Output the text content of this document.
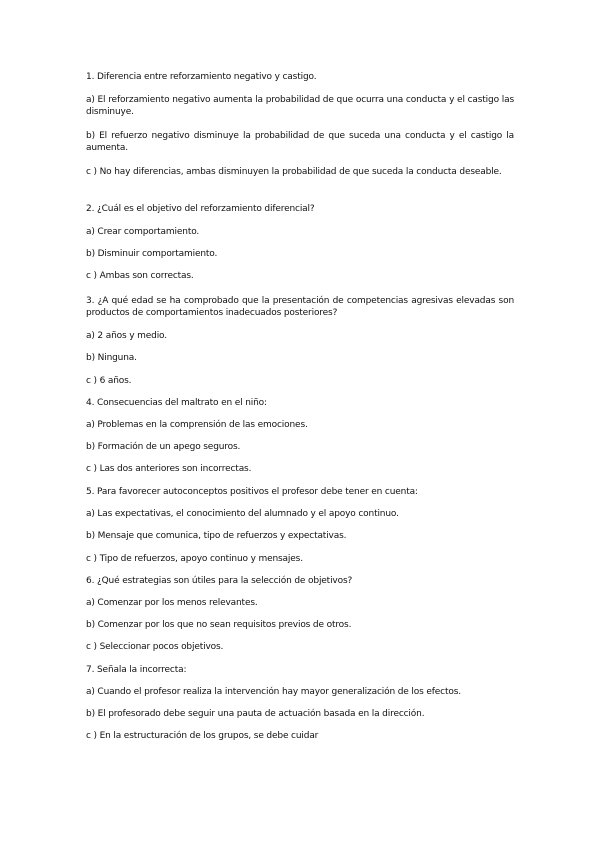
1. Diferencia entre reforzamiento negativo y castigo.
a) El reforzamiento negativo aumenta la probabilidad de que ocurra una conducta y el castigo las disminuye.
b) El refuerzo negativo disminuye la probabilidad de que suceda una conducta y el castigo la aumenta.
c ) No hay diferencias, ambas disminuyen la probabilidad de que suceda la conducta deseable.
2. ¿Cuál es el objetivo del reforzamiento diferencial?
a) Crear comportamiento.
b) Disminuir comportamiento.
c ) Ambas son correctas.
3. ¿A qué edad se ha comprobado que la presentación de competencias agresivas elevadas son productos de comportamientos inadecuados posteriores?
a) 2 años y medio.
b) Ninguna.
c ) 6 años.
4. Consecuencias del maltrato en el niño:
a) Problemas en la comprensión de las emociones.
b) Formación de un apego seguros.
c ) Las dos anteriores son incorrectas.
5. Para favorecer autoconceptos positivos el profesor debe tener en cuenta:
a) Las expectativas, el conocimiento del alumnado y el apoyo continuo.
b) Mensaje que comunica, tipo de refuerzos y expectativas.
c ) Tipo de refuerzos, apoyo continuo y mensajes.
6. ¿Qué estrategias son útiles para la selección de objetivos?
a) Comenzar por los menos relevantes.
b) Comenzar por los que no sean requisitos previos de otros.
c ) Seleccionar pocos objetivos.
7. Señala la incorrecta:
a) Cuando el profesor realiza la intervención hay mayor generalización de los efectos.
b) El profesorado debe seguir una pauta de actuación basada en la dirección.
c ) En la estructuración de los grupos, se debe cuidar
